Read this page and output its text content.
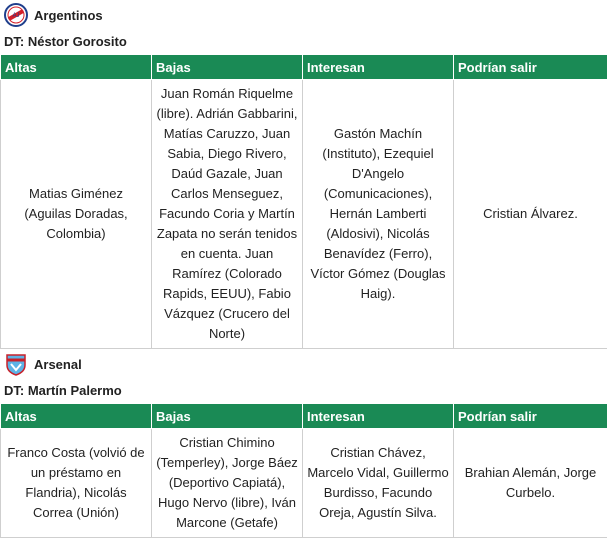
AJ Argentinos
DT: Néstor Gorosito
Altas	Bajas	Interesan	Podrían salir
Matias Giménez (Aguilas Doradas, Colombia)	Juan Román Riquelme (libre). Adrián Gabbarini, Matías Caruzzo, Juan Sabia, Diego Rivero, Daúd Gazale, Juan Carlos Menseguez, Facundo Coria y Martín Zapata no serán tenidos en cuenta. Juan Ramírez (Colorado Rapids, EEUU), Fabio Vázquez (Crucero del Norte)	Gastón Machín (Instituto), Ezequiel D'Angelo (Comunicaciones), Hernán Lamberti (Aldosivi), Nicolás Benavídez (Ferro), Víctor Gómez (Douglas Haig).	Cristian Álvarez.
Arsenal
DT: Martín Palermo
Altas	Bajas	Interesan	Podrían salir
Franco Costa (volvió de un préstamo en Flandria), Nicolás Correa (Unión)	Cristian Chimino (Temperley), Jorge Báez (Deportivo Capiatá), Hugo Nervo (libre), Iván Marcone (Getafe)	Cristian Chávez, Marcelo Vidal, Guillermo Burdisso, Facundo Oreja, Agustín Silva.	Brahian Alemán, Jorge Curbelo.
